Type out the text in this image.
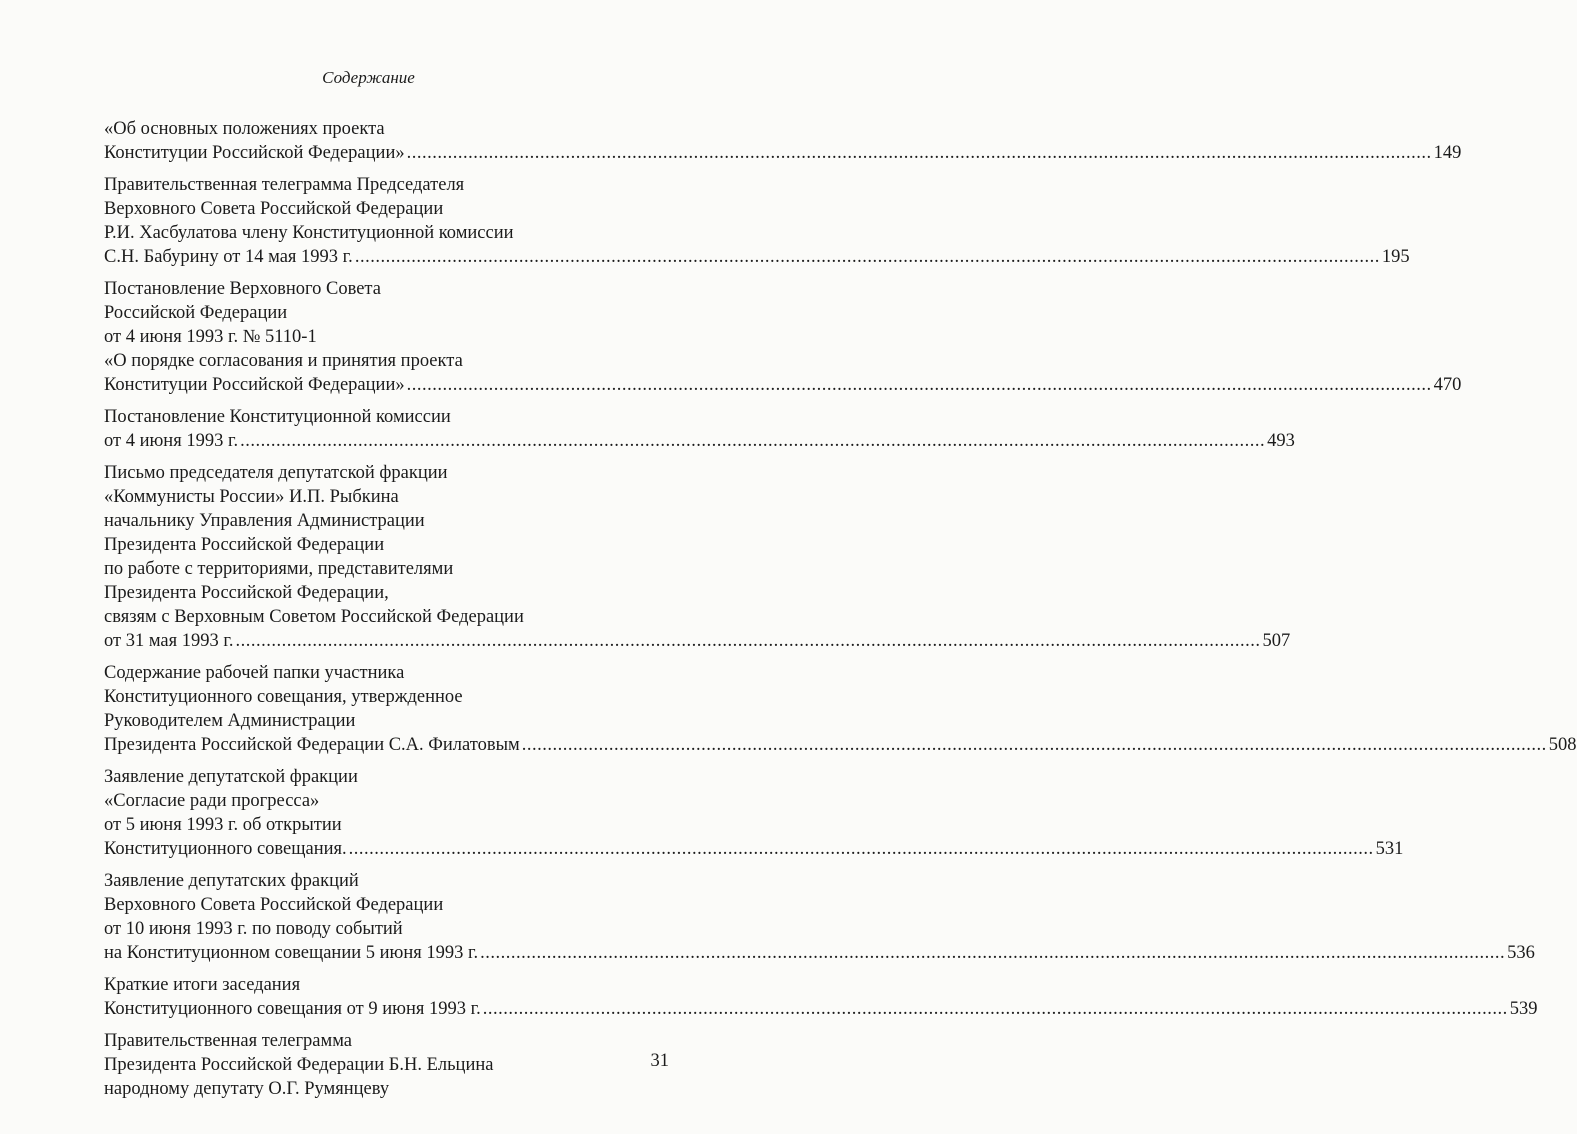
Содержание
«Об основных положениях проекта
Конституции Российской Федерации» ........................................................................................................................................................................................................ 149
Правительственная телеграмма Председателя
Верховного Совета Российской Федерации
Р.И. Хасбулатова члену Конституционной комиссии
С.Н. Бабурину от 14 мая 1993 г. ........................................................................................................................................................................................................ 195
Постановление Верховного Совета
Российской Федерации
от 4 июня 1993 г. № 5110-1
«О порядке согласования и принятия проекта
Конституции Российской Федерации» ........................................................................................................................................................................................................ 470
Постановление Конституционной комиссии
от 4 июня 1993 г. ........................................................................................................................................................................................................ 493
Письмо председателя депутатской фракции
«Коммунисты России» И.П. Рыбкина
начальнику Управления Администрации
Президента Российской Федерации
по работе с территориями, представителями
Президента Российской Федерации,
связям с Верховным Советом Российской Федерации
от 31 мая 1993 г. ........................................................................................................................................................................................................ 507
Содержание рабочей папки участника
Конституционного совещания, утвержденное
Руководителем Администрации
Президента Российской Федерации С.А. Филатовым ........................................................................................................................................................................................................ 508
Заявление депутатской фракции
«Согласие ради прогресса»
от 5 июня 1993 г. об открытии
Конституционного совещания. ........................................................................................................................................................................................................ 531
Заявление депутатских фракций
Верховного Совета Российской Федерации
от 10 июня 1993 г. по поводу событий
на Конституционном совещании 5 июня 1993 г. ........................................................................................................................................................................................................ 536
Краткие итоги заседания
Конституционного совещания от 9 июня 1993 г. ........................................................................................................................................................................................................ 539
Правительственная телеграмма
Президента Российской Федерации Б.Н. Ельцина
народному депутату О.Г. Румянцеву
31
